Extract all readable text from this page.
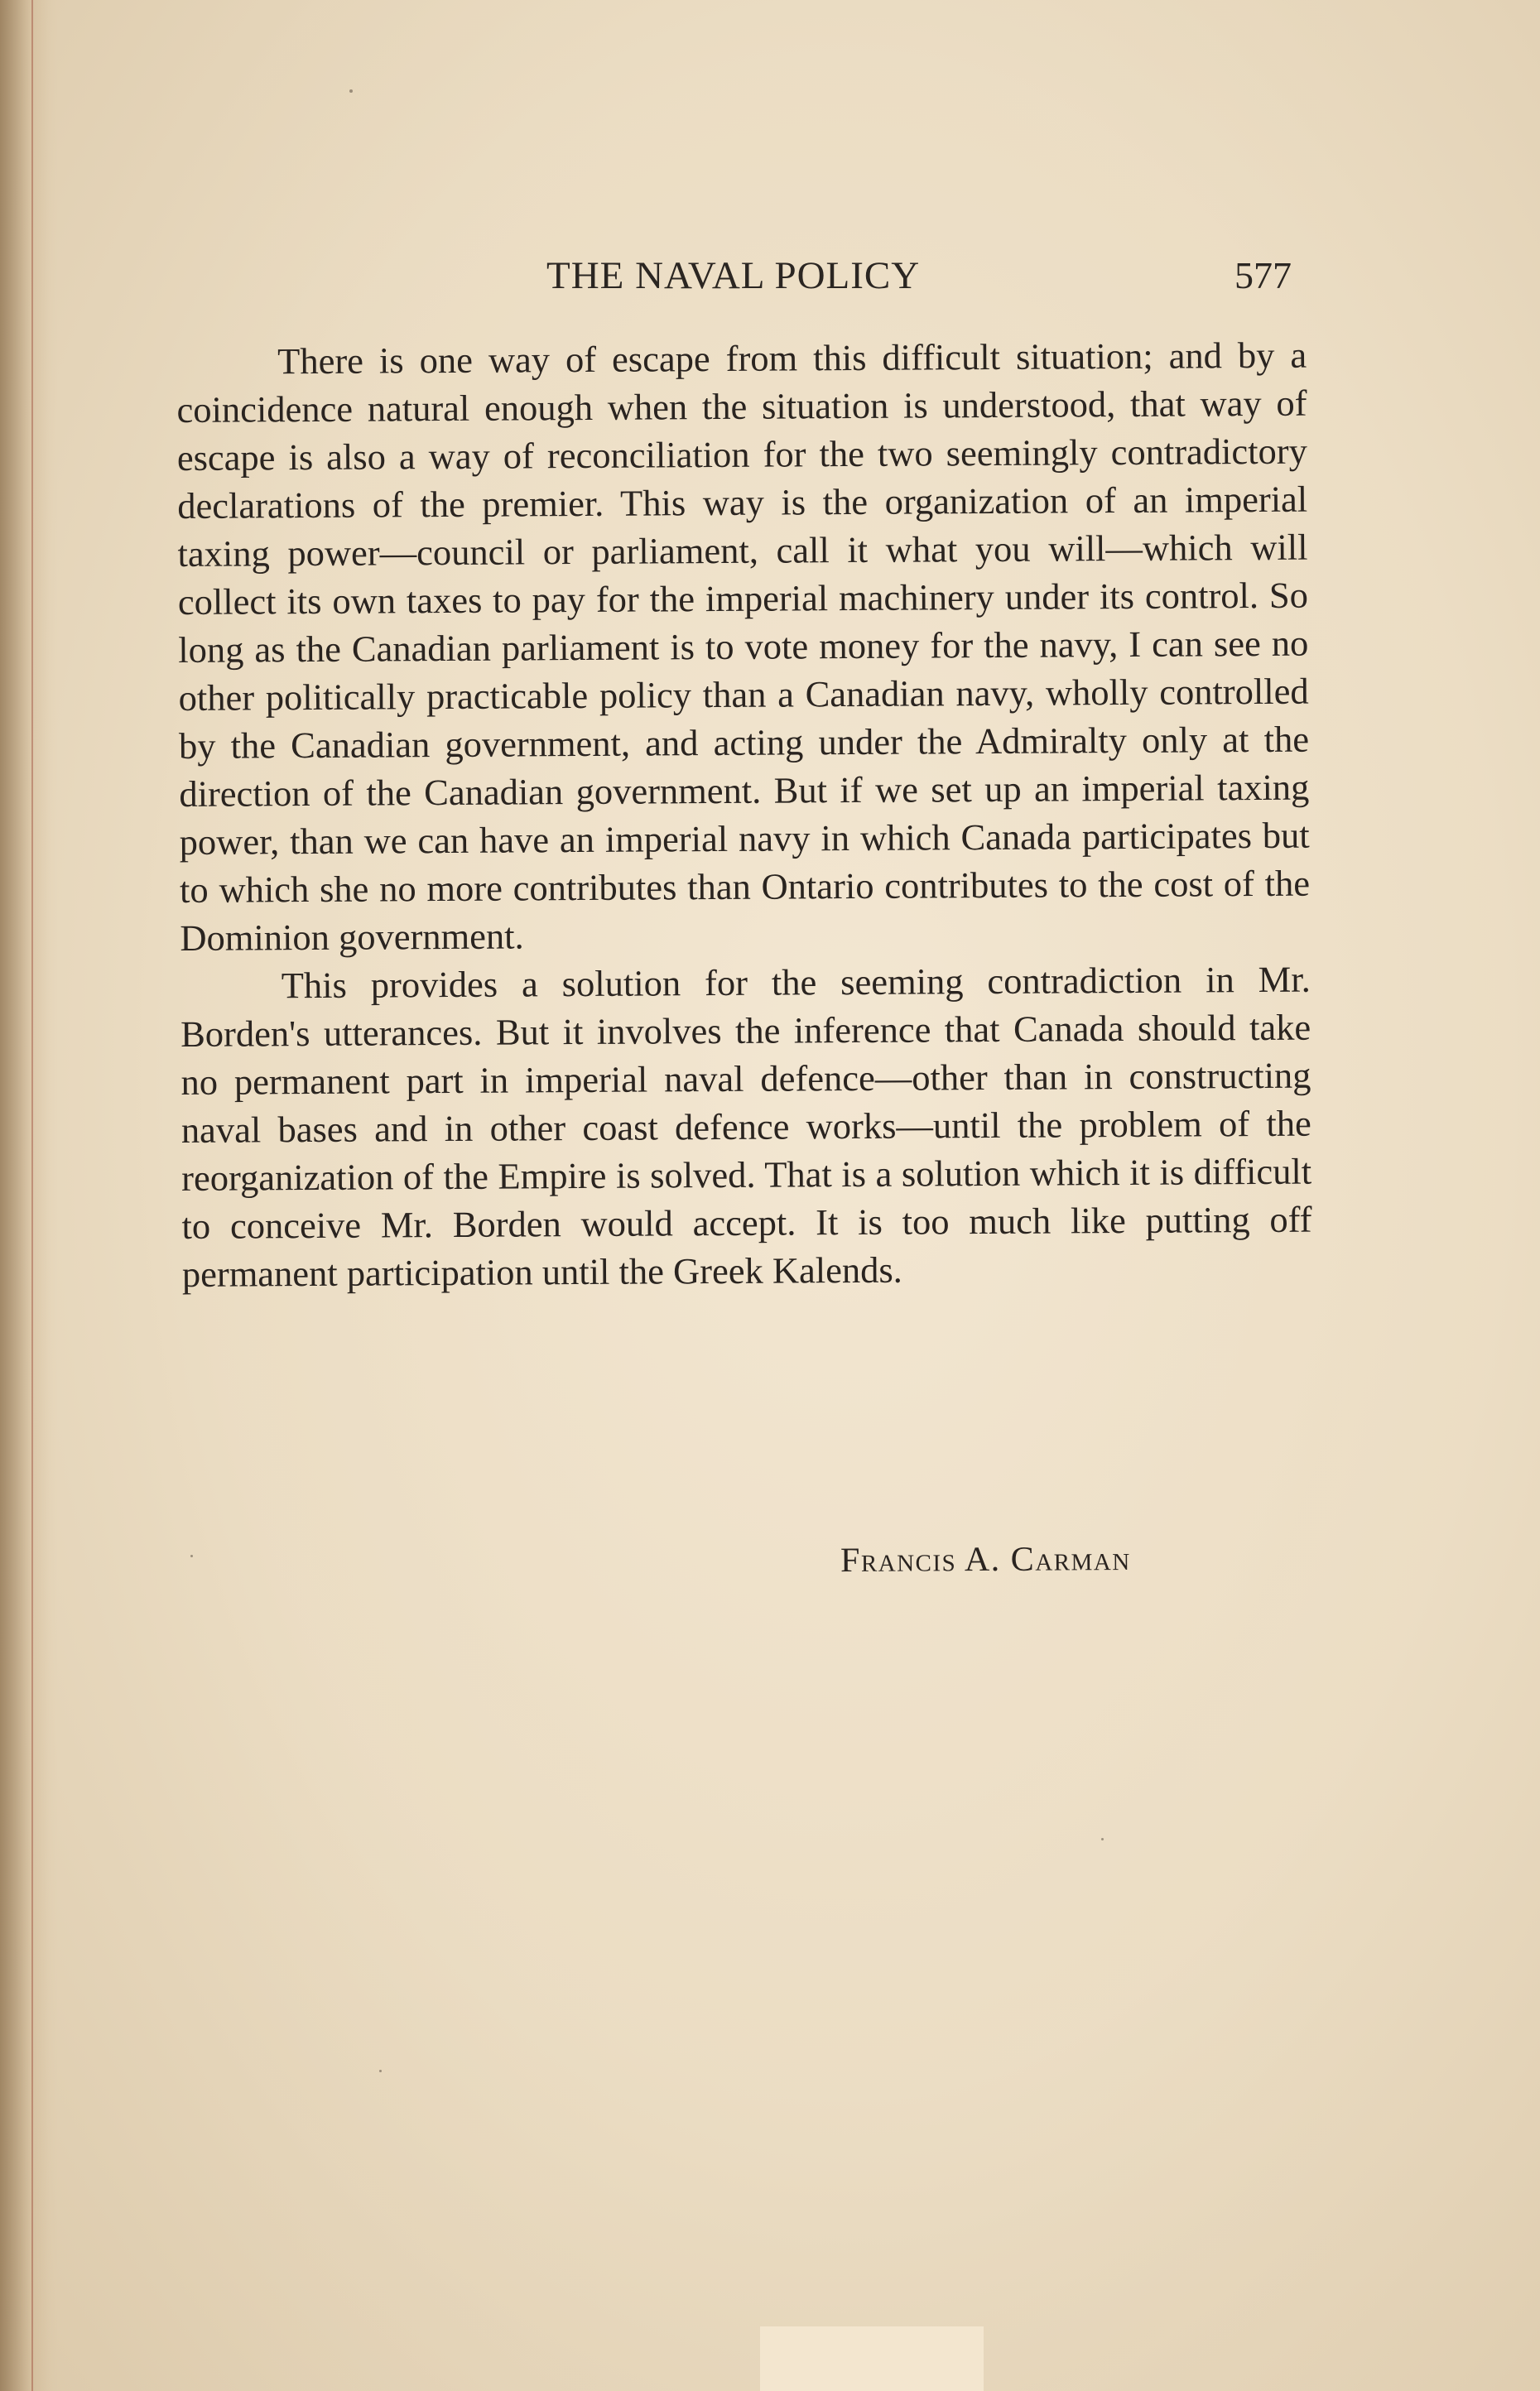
THE NAVAL POLICY	577

There is one way of escape from this difficult situation; and by a coincidence natural enough when the situation is understood, that way of escape is also a way of reconciliation for the two seemingly contradictory declarations of the premier. This way is the organization of an imperial taxing power—council or parliament, call it what you will—which will collect its own taxes to pay for the imperial machinery under its control. So long as the Canadian parliament is to vote money for the navy, I can see no other politically practicable policy than a Canadian navy, wholly controlled by the Canadian government, and acting under the Admiralty only at the direction of the Canadian government. But if we set up an imperial taxing power, than we can have an imperial navy in which Canada participates but to which she no more contributes than Ontario contributes to the cost of the Dominion government.

This provides a solution for the seeming contradiction in Mr. Borden's utterances. But it involves the inference that Canada should take no permanent part in imperial naval defence—other than in constructing naval bases and in other coast defence works—until the problem of the reorganization of the Empire is solved. That is a solution which it is difficult to conceive Mr. Borden would accept. It is too much like putting off permanent participation until the Greek Kalends.

Francis A. Carman
